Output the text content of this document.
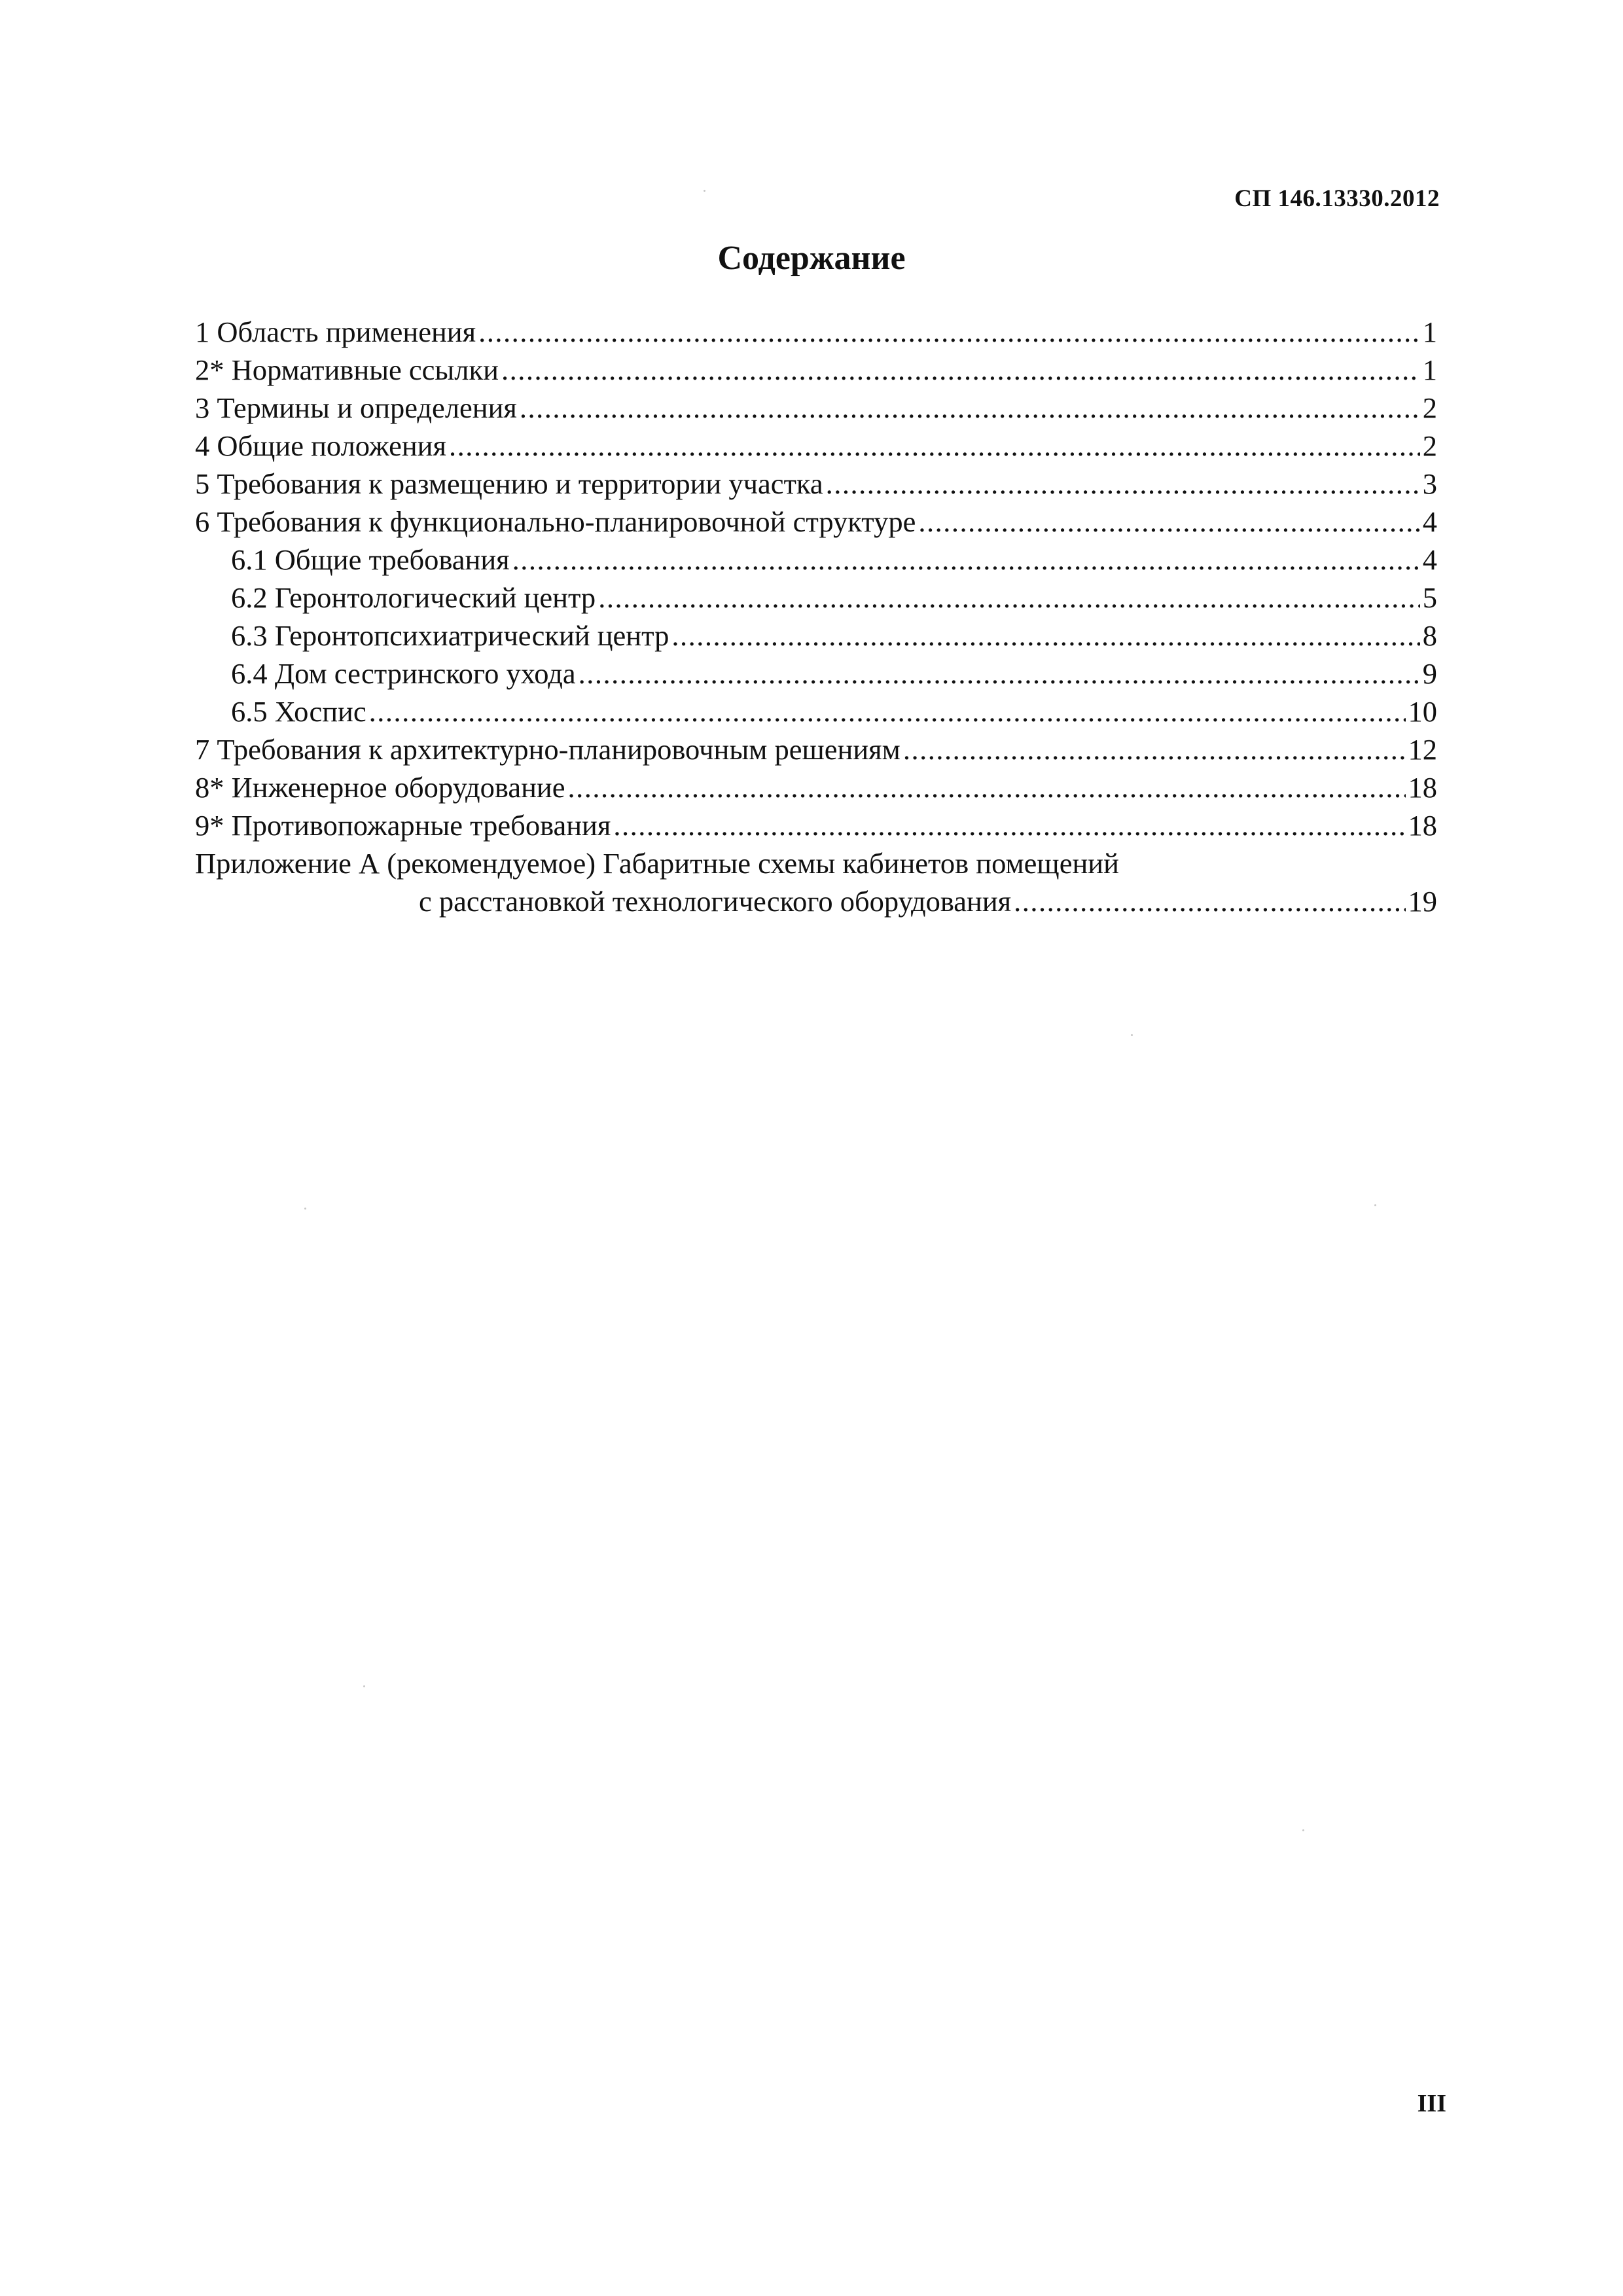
СП 146.13330.2012
Содержание
1 Область применения .....	1
2* Нормативные ссылки .....	1
3 Термины и определения .....	2
4 Общие положения .....	2
5 Требования к размещению и территории участка .....	3
6 Требования к функционально-планировочной структуре .....	4
6.1 Общие требования .....	4
6.2 Геронтологический центр .....	5
6.3 Геронтопсихиатрический центр .....	8
6.4 Дом сестринского ухода .....	9
6.5 Хоспис .....	10
7 Требования к архитектурно-планировочным решениям .....	12
8* Инженерное оборудование .....	18
9* Противопожарные требования .....	18
Приложение А (рекомендуемое) Габаритные схемы кабинетов помещений
с расстановкой технологического оборудования .....	19
III
